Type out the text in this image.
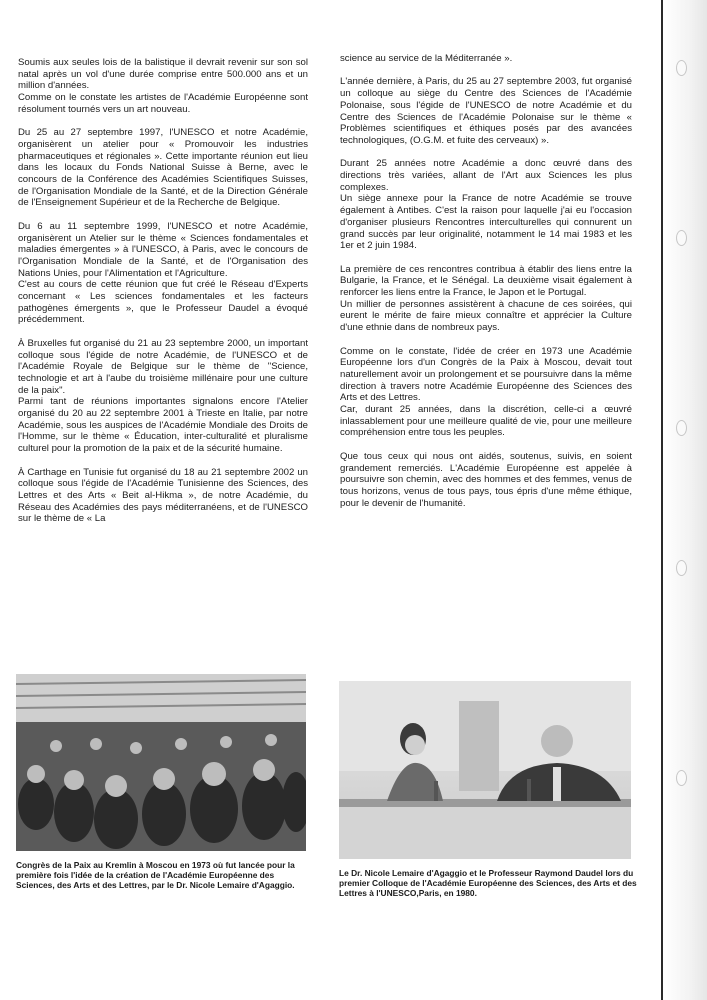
Soumis aux seules lois de la balistique il devrait revenir sur son sol natal après un vol d'une durée comprise entre 500.000 ans et un million d'années.
Comme on le constate les artistes de l'Académie Européenne sont résolument tournés vers un art nouveau.

Du 25 au 27 septembre 1997, l'UNESCO et notre Académie, organisèrent un atelier pour « Promouvoir les industries pharmaceutiques et régionales ». Cette importante réunion eut lieu dans les locaux du Fonds National Suisse à Berne, avec le concours de la Conférence des Académies Scientifiques Suisses, de l'Organisation Mondiale de la Santé, et de la Direction Générale de l'Enseignement Supérieur et de la Recherche de Belgique.

Du 6 au 11 septembre 1999, l'UNESCO et notre Académie, organisèrent un Atelier sur le thème « Sciences fondamentales et maladies émergentes » à l'UNESCO, à Paris, avec le concours de l'Organisation Mondiale de la Santé, et de l'Organisation des Nations Unies, pour l'Alimentation et l'Agriculture.
C'est au cours de cette réunion que fut créé le Réseau d'Experts concernant « Les sciences fondamentales et les facteurs pathogènes émergents », que le Professeur Daudel a évoqué précédemment.

À Bruxelles fut organisé du 21 au 23 septembre 2000, un important colloque sous l'égide de notre Académie, de l'UNESCO et de l'Académie Royale de Belgique sur le thème de "Science, technologie et art à l'aube du troisième millénaire pour une culture de la paix".
Parmi tant de réunions importantes signalons encore l'Atelier organisé du 20 au 22 septembre 2001 à Trieste en Italie, par notre Académie, sous les auspices de l'Académie Mondiale des Droits de l'Homme, sur le thème « Éducation, inter-culturalité et pluralisme culturel pour la promotion de la paix et de la sécurité humaine.

À Carthage en Tunisie fut organisé du 18 au 21 septembre 2002 un colloque sous l'égide de l'Académie Tunisienne des Sciences, des Lettres et des Arts « Beit al-Hikma », de notre Académie, du Réseau des Académies des pays méditerranéens, et de l'UNESCO sur le thème de « La

science au service de la Méditerranée ».

L'année dernière, à Paris, du 25 au 27 septembre 2003, fut organisé un colloque au siège du Centre des Sciences de l'Académie Polonaise, sous l'égide de l'UNESCO de notre Académie et du Centre des Sciences de l'Académie Polonaise sur le thème « Problèmes scientifiques et éthiques posés par des avancées technologiques, (O.G.M. et fuite des cerveaux) ».

Durant 25 années notre Académie a donc œuvré dans des directions très variées, allant de l'Art aux Sciences les plus complexes.
Un siège annexe pour la France de notre Académie se trouve également à Antibes. C'est la raison pour laquelle j'ai eu l'occasion d'organiser plusieurs Rencontres interculturelles qui connurent un grand succès par leur originalité, notamment le 14 mai 1983 et les 1er et 2 juin 1984.

La première de ces rencontres contribua à établir des liens entre la Bulgarie, la France, et le Sénégal. La deuxième visait également à renforcer les liens entre la France, le Japon et le Portugal.
Un millier de personnes assistèrent à chacune de ces soirées, qui eurent le mérite de faire mieux connaître et apprécier la Culture d'une ethnie dans de nombreux pays.

Comme on le constate, l'idée de créer en 1973 une Académie Européenne lors d'un Congrès de la Paix à Moscou, devait tout naturellement avoir un prolongement et se poursuivre dans la même direction à travers notre Académie Européenne des Sciences des Arts et des Lettres.
Car, durant 25 années, dans la discrétion, celle-ci a œuvré inlassablement pour une meilleure qualité de vie, pour une meilleure compréhension entre tous les peuples.

Que tous ceux qui nous ont aidés, soutenus, suivis, en soient grandement remerciés. L'Académie Européenne est appelée à poursuivre son chemin, avec des hommes et des femmes, venus de tous horizons, venus de tous pays, tous épris d'une même éthique, pour le devenir de l'humanité.

Congrès de la Paix au Kremlin à Moscou en 1973 où fut lancée pour la première fois l'idée de la création de l'Académie Européenne des Sciences, des Arts et des Lettres, par le Dr. Nicole Lemaire d'Agaggio.
Le Dr. Nicole Lemaire d'Agaggio et le Professeur Raymond Daudel lors du premier Colloque de l'Académie Européenne des Sciences, des Arts et des Lettres à l'UNESCO,Paris, en 1980.
